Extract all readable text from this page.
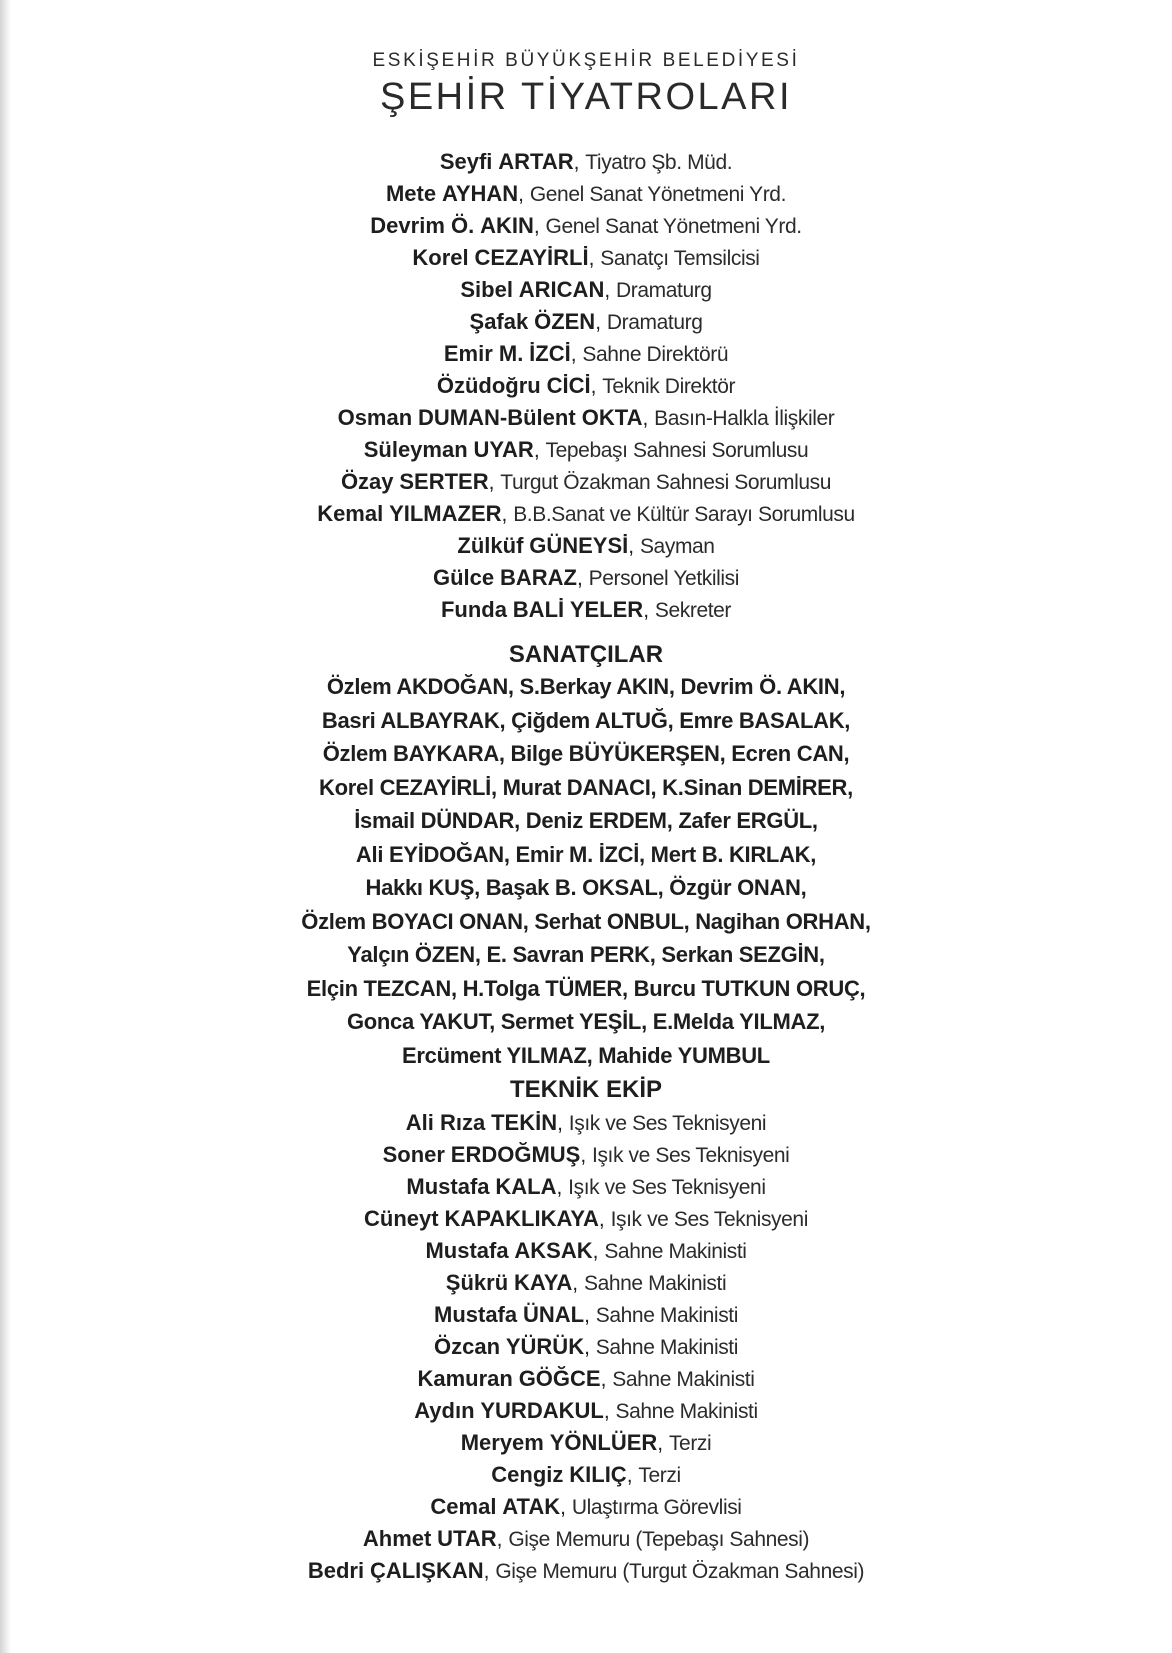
ESKİŞEHİR BÜYÜKŞEHİR BELEDİYESİ
ŞEHİR TİYATROLARI
Seyfi ARTAR, Tiyatro Şb. Müd.
Mete AYHAN, Genel Sanat Yönetmeni Yrd.
Devrim Ö. AKIN, Genel Sanat Yönetmeni Yrd.
Korel CEZAYİRLİ, Sanatçı Temsilcisi
Sibel ARICAN, Dramaturg
Şafak ÖZEN, Dramaturg
Emir M. İZCİ, Sahne Direktörü
Özüdoğru CİCİ, Teknik Direktör
Osman DUMAN-Bülent OKTA, Basın-Halkla İlişkiler
Süleyman UYAR, Tepebaşı Sahnesi Sorumlusu
Özay SERTER, Turgut Özakman Sahnesi Sorumlusu
Kemal YILMAZER, B.B.Sanat ve Kültür Sarayı Sorumlusu
Zülküf GÜNEYSİ, Sayman
Gülce BARAZ, Personel Yetkilisi
Funda BALİ YELER, Sekreter
SANATÇILAR
Özlem AKDOĞAN, S.Berkay AKIN, Devrim Ö. AKIN,
Basri ALBAYRAK, Çiğdem ALTUĞ, Emre BASALAK,
Özlem BAYKARA, Bilge BÜYÜKERŞEN, Ecren CAN,
Korel CEZAYİRLİ, Murat DANACI, K.Sinan DEMİRER,
İsmail DÜNDAR, Deniz ERDEM, Zafer ERGÜL,
Ali EYİDOĞAN, Emir M. İZCİ, Mert B. KIRLAK,
Hakkı KUŞ, Başak B. OKSAL, Özgür ONAN,
Özlem BOYACI ONAN, Serhat ONBUL, Nagihan ORHAN,
Yalçın ÖZEN, E. Savran PERK, Serkan SEZGİN,
Elçin TEZCAN, H.Tolga TÜMER, Burcu TUTKUN ORUÇ,
Gonca YAKUT, Sermet YEŞİL, E.Melda YILMAZ,
Ercüment YILMAZ, Mahide YUMBUL
TEKNİK EKİP
Ali Rıza TEKİN, Işık ve Ses Teknisyeni
Soner ERDOĞMUŞ, Işık ve Ses Teknisyeni
Mustafa KALA, Işık ve Ses Teknisyeni
Cüneyt KAPAKLIKAYA, Işık ve Ses Teknisyeni
Mustafa AKSAK, Sahne Makinisti
Şükrü KAYA, Sahne Makinisti
Mustafa ÜNAL, Sahne Makinisti
Özcan YÜRÜK, Sahne Makinisti
Kamuran GÖĞCE, Sahne Makinisti
Aydın YURDAKUL, Sahne Makinisti
Meryem YÖNLÜER, Terzi
Cengiz KILIÇ, Terzi
Cemal ATAK, Ulaştırma Görevlisi
Ahmet UTAR, Gişe Memuru (Tepebaşı Sahnesi)
Bedri ÇALIŞKAN, Gişe Memuru (Turgut Özakman Sahnesi)
